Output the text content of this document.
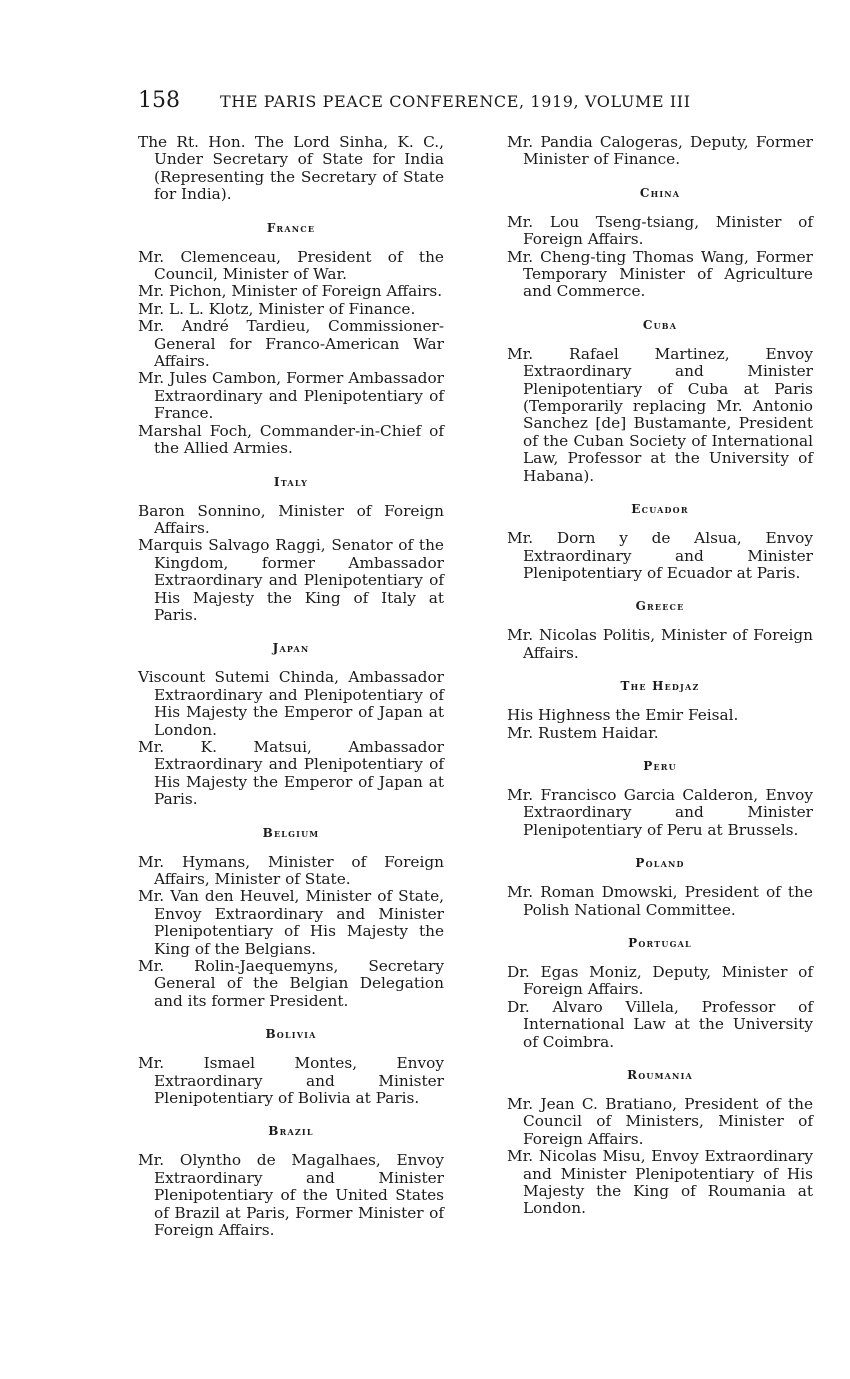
158	THE PARIS PEACE CONFERENCE, 1919, VOLUME III

The Rt. Hon. The Lord Sinha, K. C., Under Secretary of State for India (Representing the Secretary of State for India).

France

Mr. Clemenceau, President of the Council, Minister of War.

Mr. Pichon, Minister of Foreign Affairs.

Mr. L. L. Klotz, Minister of Finance.

Mr. André Tardieu, Commissioner-General for Franco-American War Affairs.

Mr. Jules Cambon, Former Ambassador Extraordinary and Plenipotentiary of France.

Marshal Foch, Commander-in-Chief of the Allied Armies.

Italy

Baron Sonnino, Minister of Foreign Affairs.

Marquis Salvago Raggi, Senator of the Kingdom, former Ambassador Extraordinary and Plenipotentiary of His Majesty the King of Italy at Paris.

Japan

Viscount Sutemi Chinda, Ambassador Extraordinary and Plenipotentiary of His Majesty the Emperor of Japan at London.

Mr. K. Matsui, Ambassador Extraordinary and Plenipotentiary of His Majesty the Emperor of Japan at Paris.

Belgium

Mr. Hymans, Minister of Foreign Affairs, Minister of State.

Mr. Van den Heuvel, Minister of State, Envoy Extraordinary and Minister Plenipotentiary of His Majesty the King of the Belgians.

Mr. Rolin-Jaequemyns, Secretary General of the Belgian Delegation and its former President.

Bolivia

Mr. Ismael Montes, Envoy Extraordinary and Minister Plenipotentiary of Bolivia at Paris.

Brazil

Mr. Olyntho de Magalhaes, Envoy Extraordinary and Minister Plenipotentiary of the United States of Brazil at Paris, Former Minister of Foreign Affairs.

Mr. Pandia Calogeras, Deputy, Former Minister of Finance.

China

Mr. Lou Tseng-tsiang, Minister of Foreign Affairs.

Mr. Cheng-ting Thomas Wang, Former Temporary Minister of Agriculture and Commerce.

Cuba

Mr. Rafael Martinez, Envoy Extraordinary and Minister Plenipotentiary of Cuba at Paris (Temporarily replacing Mr. Antonio Sanchez [de] Bustamante, President of the Cuban Society of International Law, Professor at the University of Habana).

Ecuador

Mr. Dorn y de Alsua, Envoy Extraordinary and Minister Plenipotentiary of Ecuador at Paris.

Greece

Mr. Nicolas Politis, Minister of Foreign Affairs.

The Hedjaz

His Highness the Emir Feisal.

Mr. Rustem Haidar.

Peru

Mr. Francisco Garcia Calderon, Envoy Extraordinary and Minister Plenipotentiary of Peru at Brussels.

Poland

Mr. Roman Dmowski, President of the Polish National Committee.

Portugal

Dr. Egas Moniz, Deputy, Minister of Foreign Affairs.

Dr. Alvaro Villela, Professor of International Law at the University of Coimbra.

Roumania

Mr. Jean C. Bratiano, President of the Council of Ministers, Minister of Foreign Affairs.

Mr. Nicolas Misu, Envoy Extraordinary and Minister Plenipotentiary of His Majesty the King of Roumania at London.
